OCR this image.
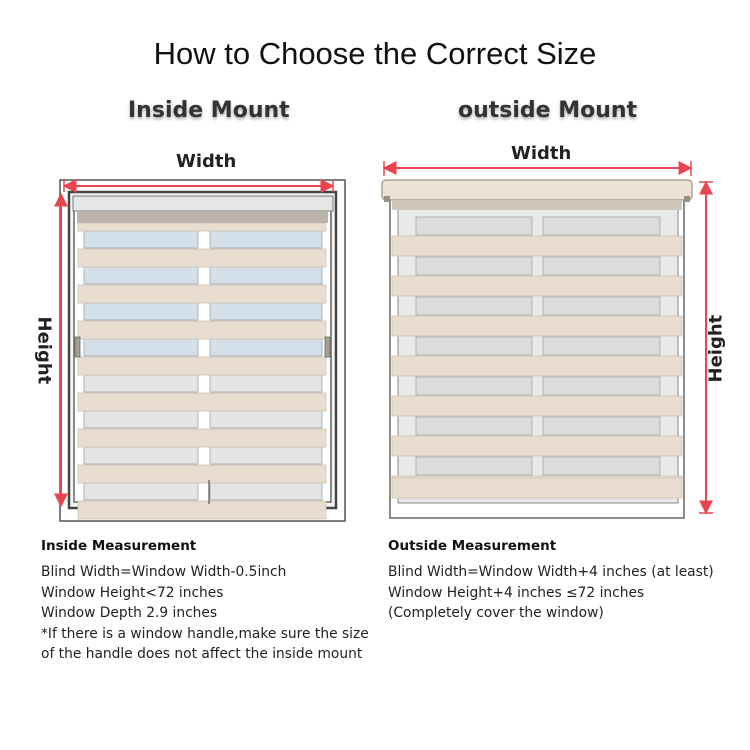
How to Choose the Correct Size
Inside Mount	outside Mount
Width	Width
Height	Height
Inside Measurement
Blind Width=Window Width-0.5inch
Window Height<72 inches
Window Depth 2.9 inches
*If there is a window handle,make sure the size
of the handle does not affect the inside mount
Outside Measurement
Blind Width=Window Width+4 inches (at least)
Window Height+4 inches ≤72 inches
(Completely cover the window)
